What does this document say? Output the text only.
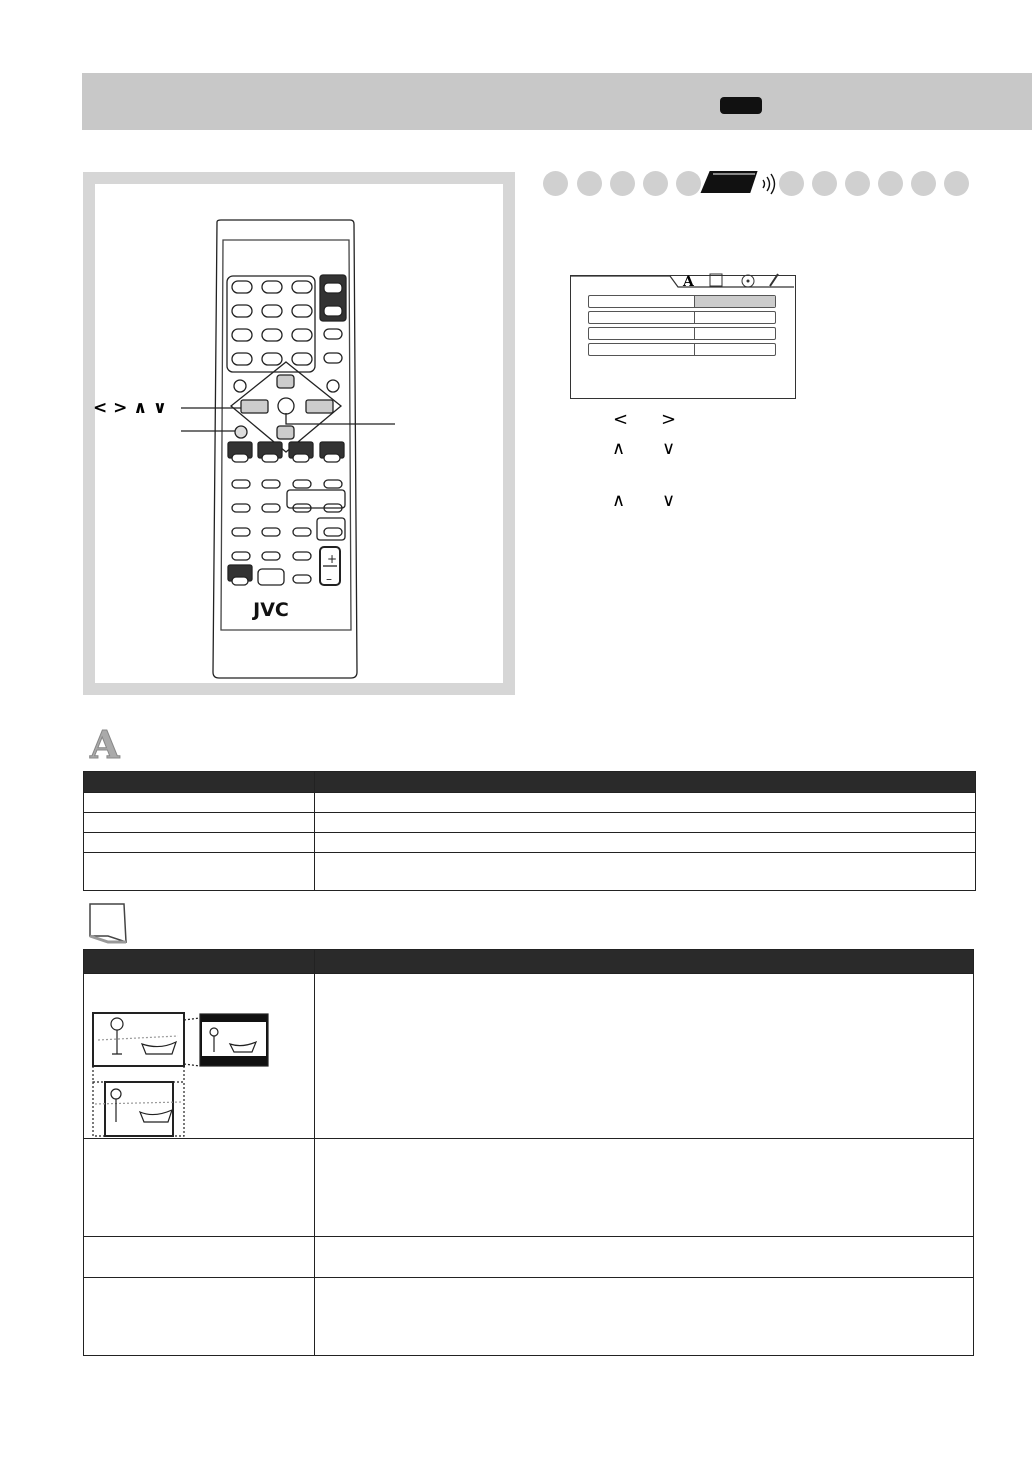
JVC
+
–
< > ∧ ∨
A
< >
∧ ∨
∧ ∨
A
